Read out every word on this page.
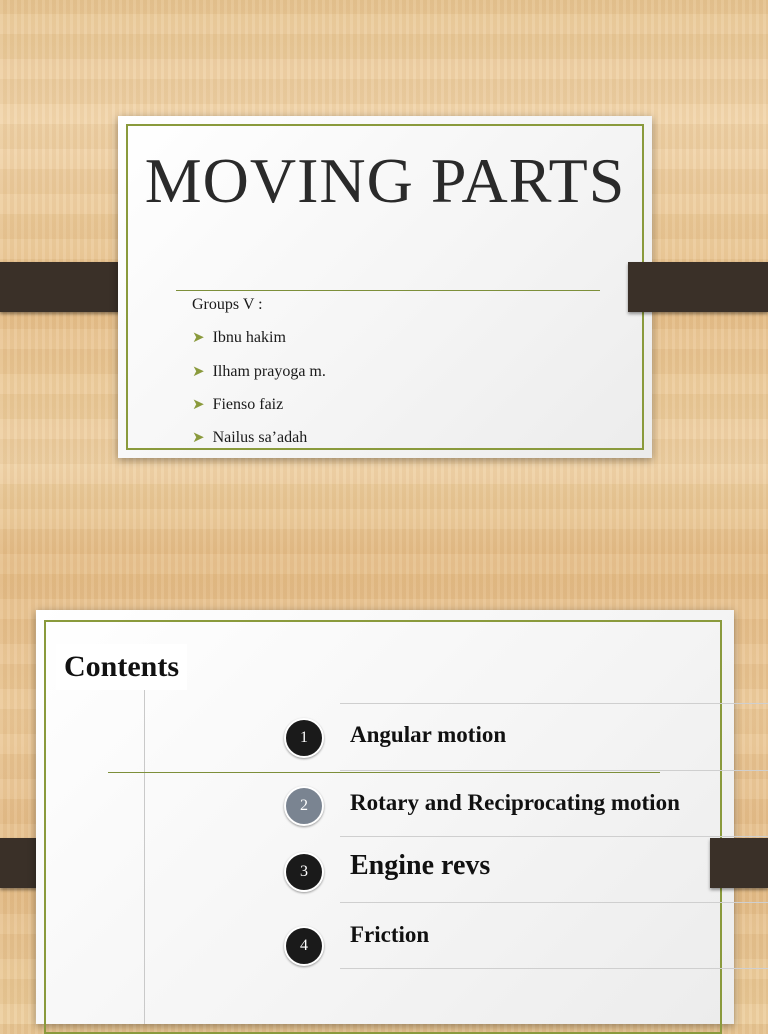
MOVING PARTS
Groups V :
➤ Ibnu hakim
➤ Ilham prayoga m.
➤ Fienso faiz
➤ Nailus sa’adah
Contents
1	Angular motion
2	Rotary and Reciprocating motion
3	Engine revs
4	Friction
